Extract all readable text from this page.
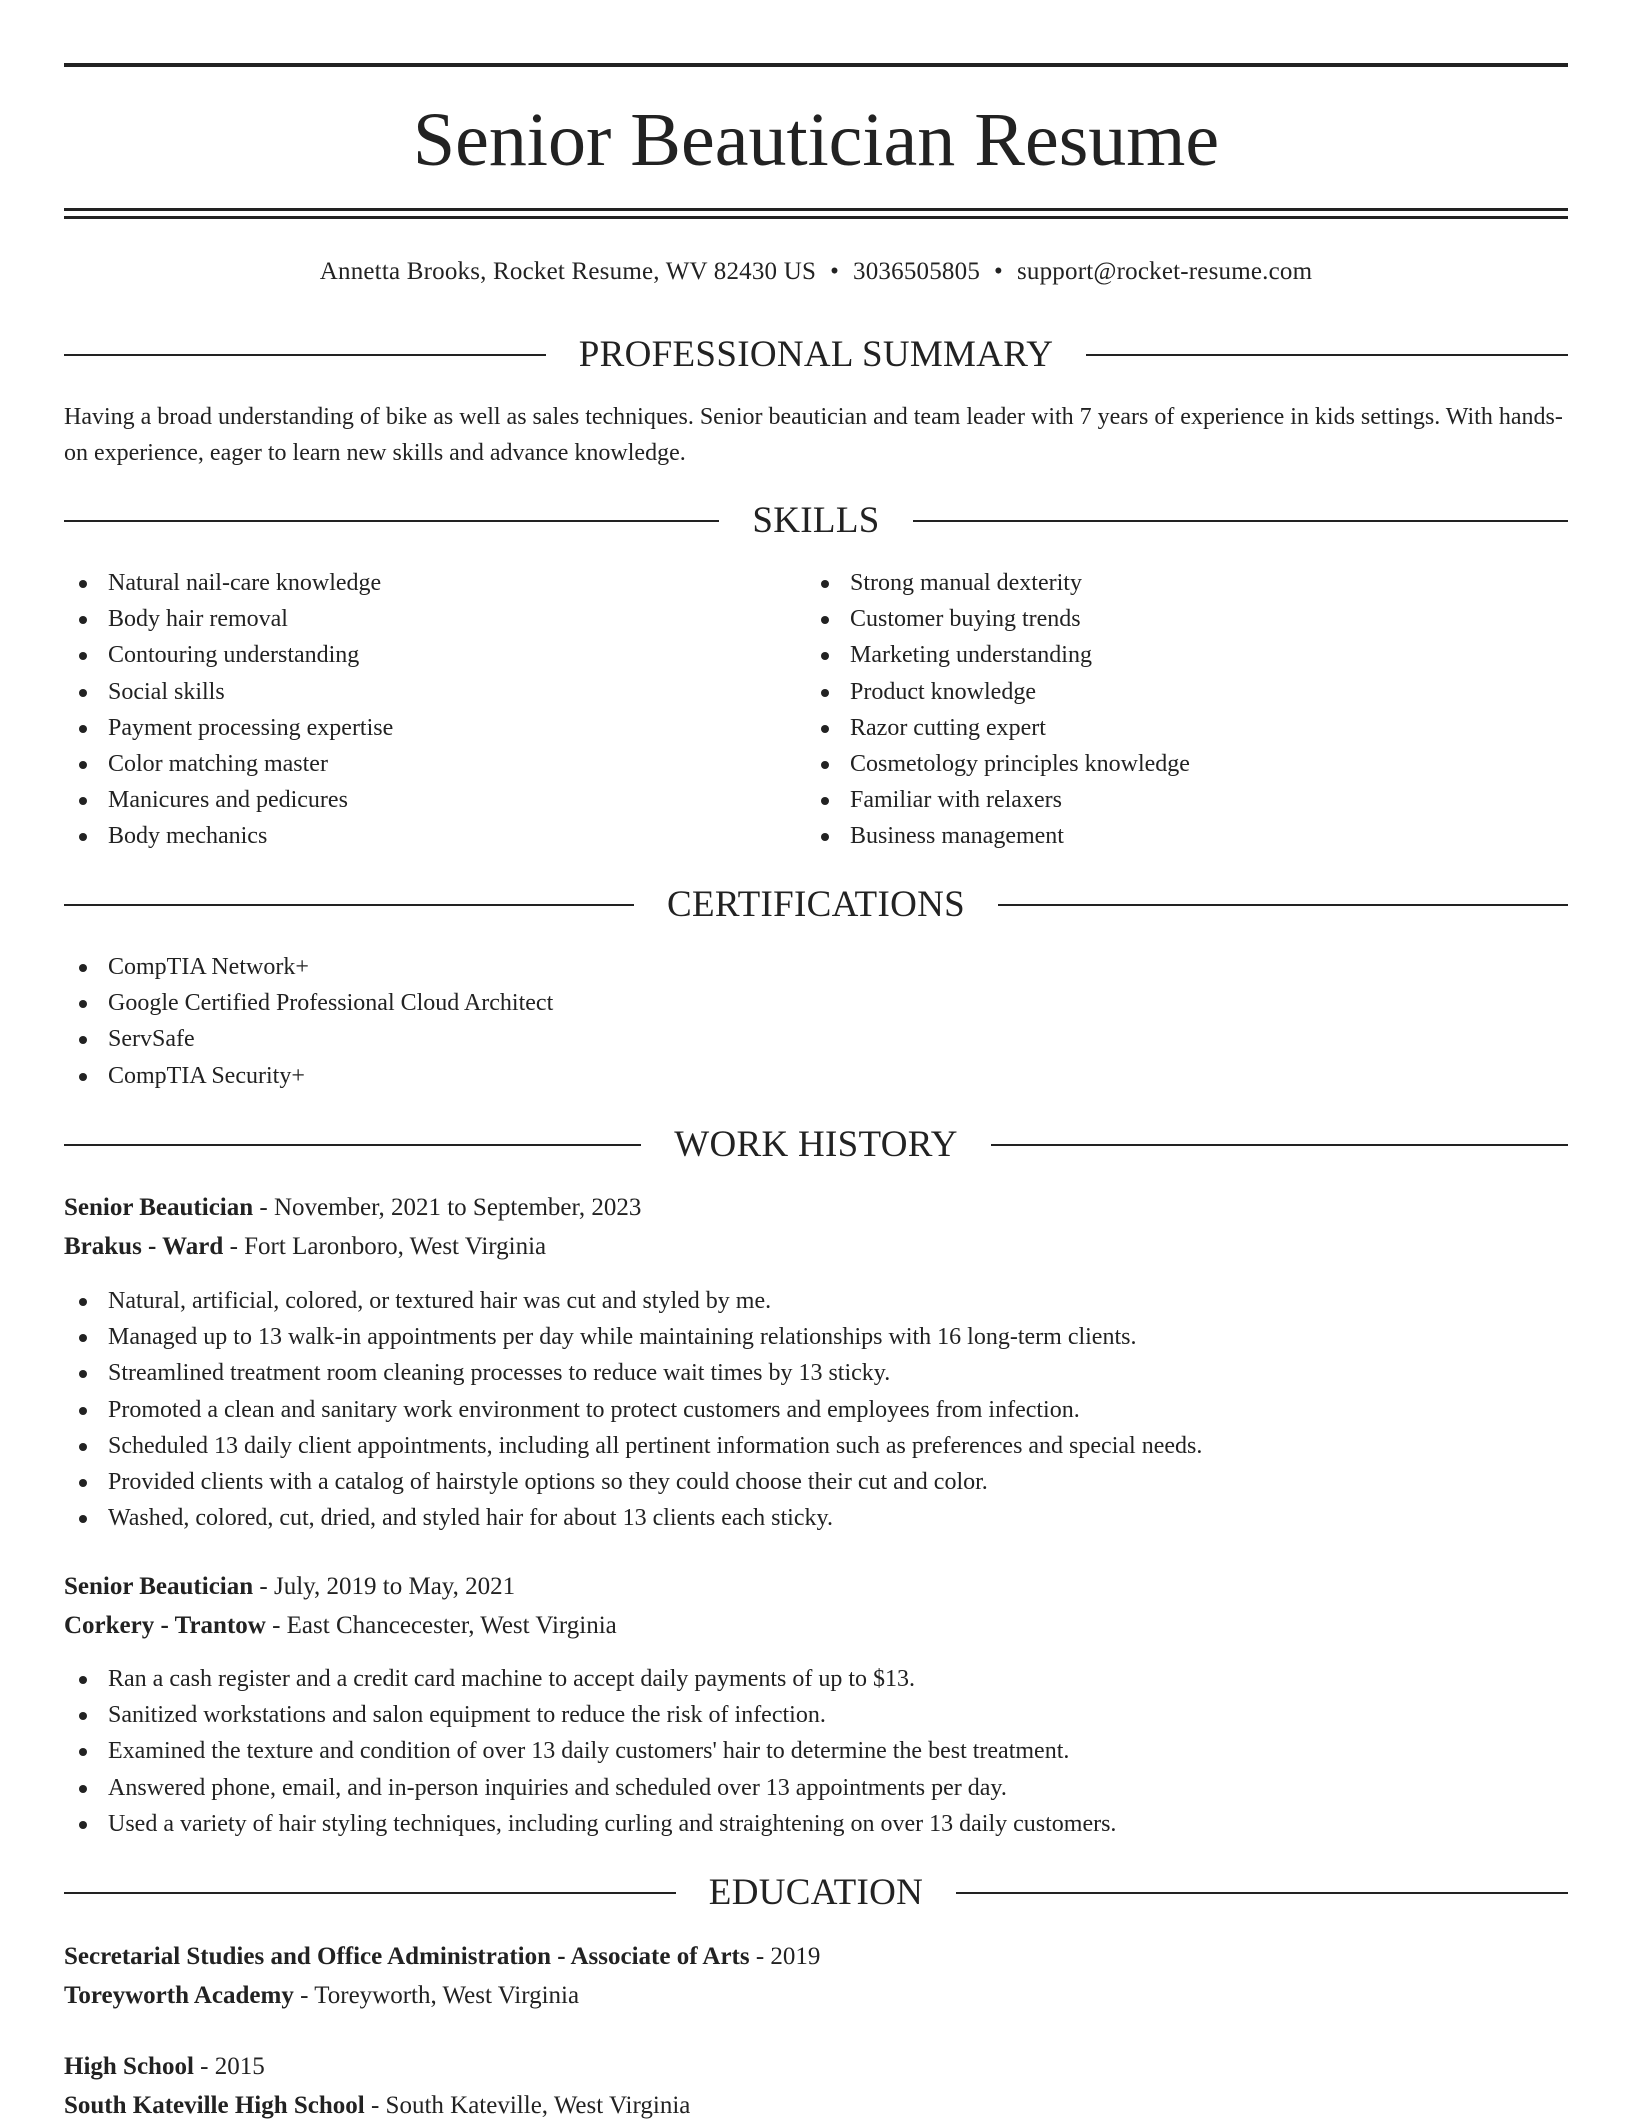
Senior Beautician Resume
Annetta Brooks, Rocket Resume, WV 82430 US • 3036505805 • support@rocket-resume.com
PROFESSIONAL SUMMARY

Having a broad understanding of bike as well as sales techniques. Senior beautician and team leader with 7 years of experience in kids settings. With hands-on experience, eager to learn new skills and advance knowledge.

SKILLS
Natural nail-care knowledge
Body hair removal
Contouring understanding
Social skills
Payment processing expertise
Color matching master
Manicures and pedicures
Body mechanics
Strong manual dexterity
Customer buying trends
Marketing understanding
Product knowledge
Razor cutting expert
Cosmetology principles knowledge
Familiar with relaxers
Business management
CERTIFICATIONS
CompTIA Network+
Google Certified Professional Cloud Architect
ServSafe
CompTIA Security+
WORK HISTORY
Senior Beautician - November, 2021 to September, 2023
Brakus - Ward - Fort Laronboro, West Virginia
Natural, artificial, colored, or textured hair was cut and styled by me.
Managed up to 13 walk-in appointments per day while maintaining relationships with 16 long-term clients.
Streamlined treatment room cleaning processes to reduce wait times by 13 sticky.
Promoted a clean and sanitary work environment to protect customers and employees from infection.
Scheduled 13 daily client appointments, including all pertinent information such as preferences and special needs.
Provided clients with a catalog of hairstyle options so they could choose their cut and color.
Washed, colored, cut, dried, and styled hair for about 13 clients each sticky.
Senior Beautician - July, 2019 to May, 2021
Corkery - Trantow - East Chancecester, West Virginia
Ran a cash register and a credit card machine to accept daily payments of up to $13.
Sanitized workstations and salon equipment to reduce the risk of infection.
Examined the texture and condition of over 13 daily customers' hair to determine the best treatment.
Answered phone, email, and in-person inquiries and scheduled over 13 appointments per day.
Used a variety of hair styling techniques, including curling and straightening on over 13 daily customers.
EDUCATION
Secretarial Studies and Office Administration - Associate of Arts - 2019
Toreyworth Academy - Toreyworth, West Virginia
High School - 2015
South Kateville High School - South Kateville, West Virginia
